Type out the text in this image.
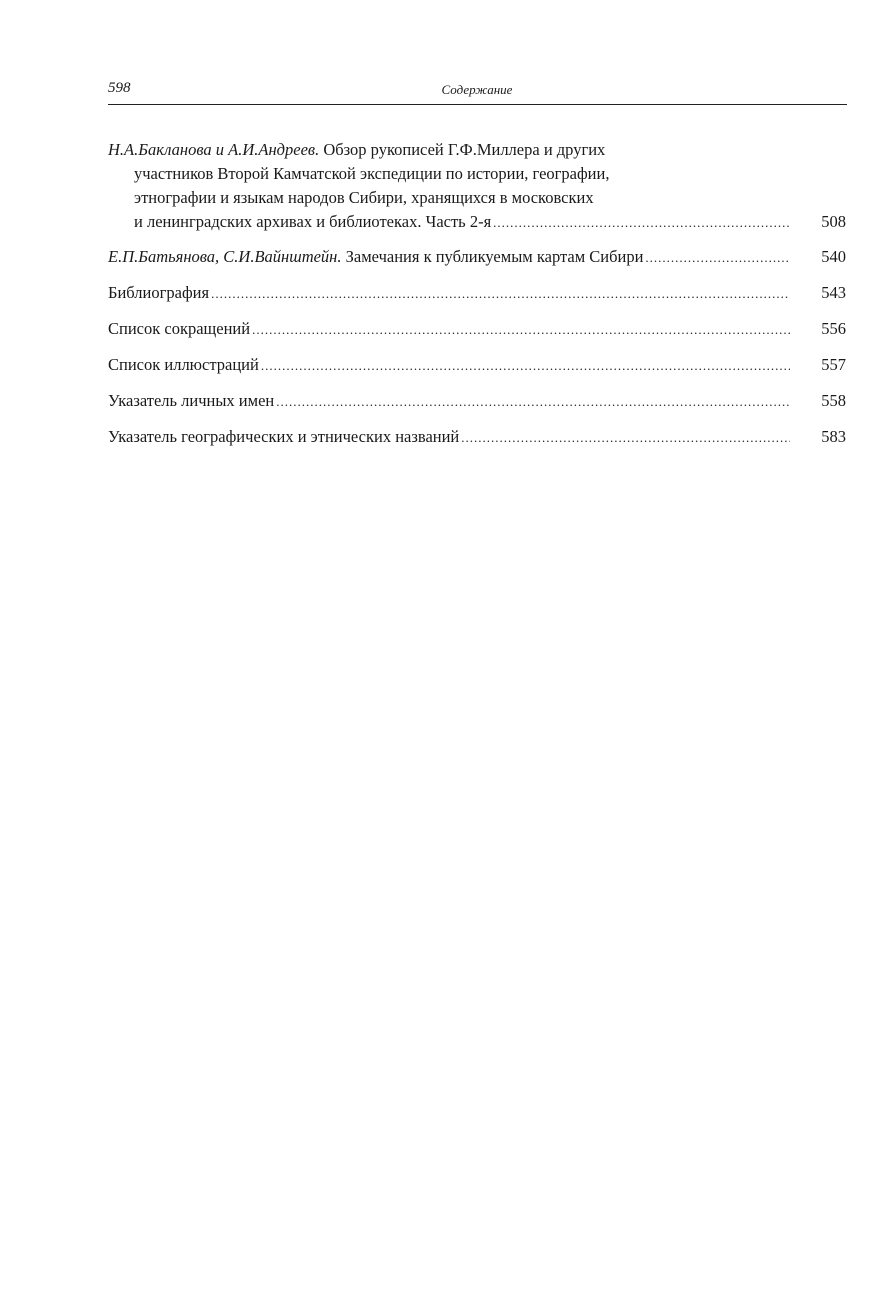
598	Содержание
Н.А.Бакланова и А.И.Андреев. Обзор рукописей Г.Ф.Миллера и других
участников Второй Камчатской экспедиции по истории, географии,
этнографии и языкам народов Сибири, хранящихся в московских
и ленинградских архивах и библиотеках. Часть 2-я .....	508
Е.П.Батьянова, С.И.Вайнштейн. Замечания к публикуемым картам Сибири .....	540
Библиография .....	543
Список сокращений .....	556
Список иллюстраций .....	557
Указатель личных имен .....	558
Указатель географических и этнических названий .....	583
